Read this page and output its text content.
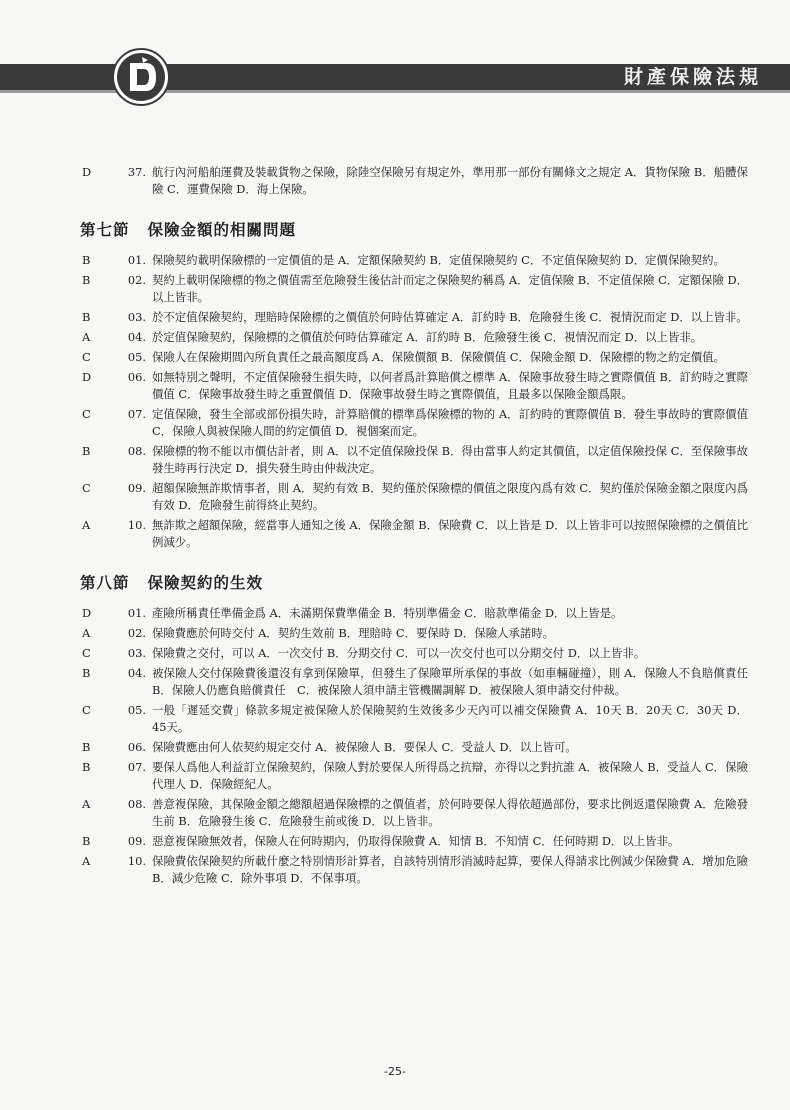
財產保險法規
D	37. 航行內河船舶運費及裝載貨物之保險，除陸空保險另有規定外，準用那一部份有關條文之規定 A．貨物保險 B．船體保險 C．運費保險 D．海上保險。
第七節 保險金額的相關問題
B	01. 保險契約載明保險標的一定價值的是 A．定額保險契約 B．定值保險契約 C．不定值保險契約 D．定價保險契約。
B	02. 契約上載明保險標的物之價值需至危險發生後估計而定之保險契約稱爲 A．定值保險 B．不定值保險 C．定額保險 D．以上皆非。
B	03. 於不定值保險契約，理賠時保險標的之價值於何時估算確定 A．訂約時 B．危險發生後 C．視情況而定 D．以上皆非。
A	04. 於定值保險契約，保險標的之價值於何時估算確定 A．訂約時 B．危險發生後 C．視情況而定 D．以上皆非。
C	05. 保險人在保險期間內所負責任之最高額度爲 A．保險價額 B．保險價值 C．保險金額 D．保險標的物之約定價值。
D	06. 如無特別之聲明，不定值保險發生損失時，以何者爲計算賠償之標準 A．保險事故發生時之實際價值 B．訂約時之實際價值 C．保險事故發生時之重置價值 D．保險事故發生時之實際價值，且最多以保險金額爲限。
C	07. 定值保險，發生全部或部份損失時，計算賠償的標準爲保險標的物的 A．訂約時的實際價值 B．發生事故時的實際價值 C．保險人與被保險人間的約定價值 D．視個案而定。
B	08. 保險標的物不能以市價估計者，則 A．以不定值保險投保 B．得由當事人約定其價值，以定值保險投保 C．至保險事故發生時再行決定 D．損失發生時由仲裁決定。
C	09. 超額保險無詐欺情事者，則 A．契約有效 B．契約僅於保險標的價值之限度內爲有效 C．契約僅於保險金額之限度內爲有效 D．危險發生前得終止契約。
A	10. 無詐欺之超額保險，經當事人通知之後 A．保險金額 B．保險費 C．以上皆是 D．以上皆非可以按照保險標的之價值比例減少。
第八節 保險契約的生效
D	01. 產險所稱責任準備金爲 A．未滿期保費準備金 B．特別準備金 C．賠款準備金 D．以上皆是。
A	02. 保險費應於何時交付 A．契約生效前 B．理賠時 C．要保時 D．保險人承諾時。
C	03. 保險費之交付，可以 A．一次交付 B．分期交付 C．可以一次交付也可以分期交付 D．以上皆非。
B	04. 被保險人交付保險費後還沒有拿到保險單，但發生了保險單所承保的事故（如車輛碰撞），則 A．保險人不負賠償責任 B．保險人仍應負賠償責任　C．被保險人須申請主管機關調解 D．被保險人須申請交付仲裁。
C	05. 一般「遲延交費」條款多規定被保險人於保險契約生效後多少天內可以補交保險費 A．10天 B．20天 C．30天 D．45天。
B	06. 保險費應由何人依契約規定交付 A．被保險人 B．要保人 C．受益人 D．以上皆可。
B	07. 要保人爲他人利益訂立保險契約，保險人對於要保人所得爲之抗辯，亦得以之對抗誰 A．被保險人 B．受益人 C．保險代理人 D．保險經紀人。
A	08. 善意複保險，其保險金額之總額超過保險標的之價值者，於何時要保人得依超過部份，要求比例返還保險費 A．危險發生前 B．危險發生後 C．危險發生前或後 D．以上皆非。
B	09. 惡意複保險無效者，保險人在何時期內，仍取得保險費 A．知情 B．不知情 C．任何時期 D．以上皆非。
A	10. 保險費依保險契約所載什麼之特別情形計算者，自該特別情形消滅時起算，要保人得請求比例減少保險費 A．增加危險 B．減少危險 C．除外事項 D．不保事項。
-25-
